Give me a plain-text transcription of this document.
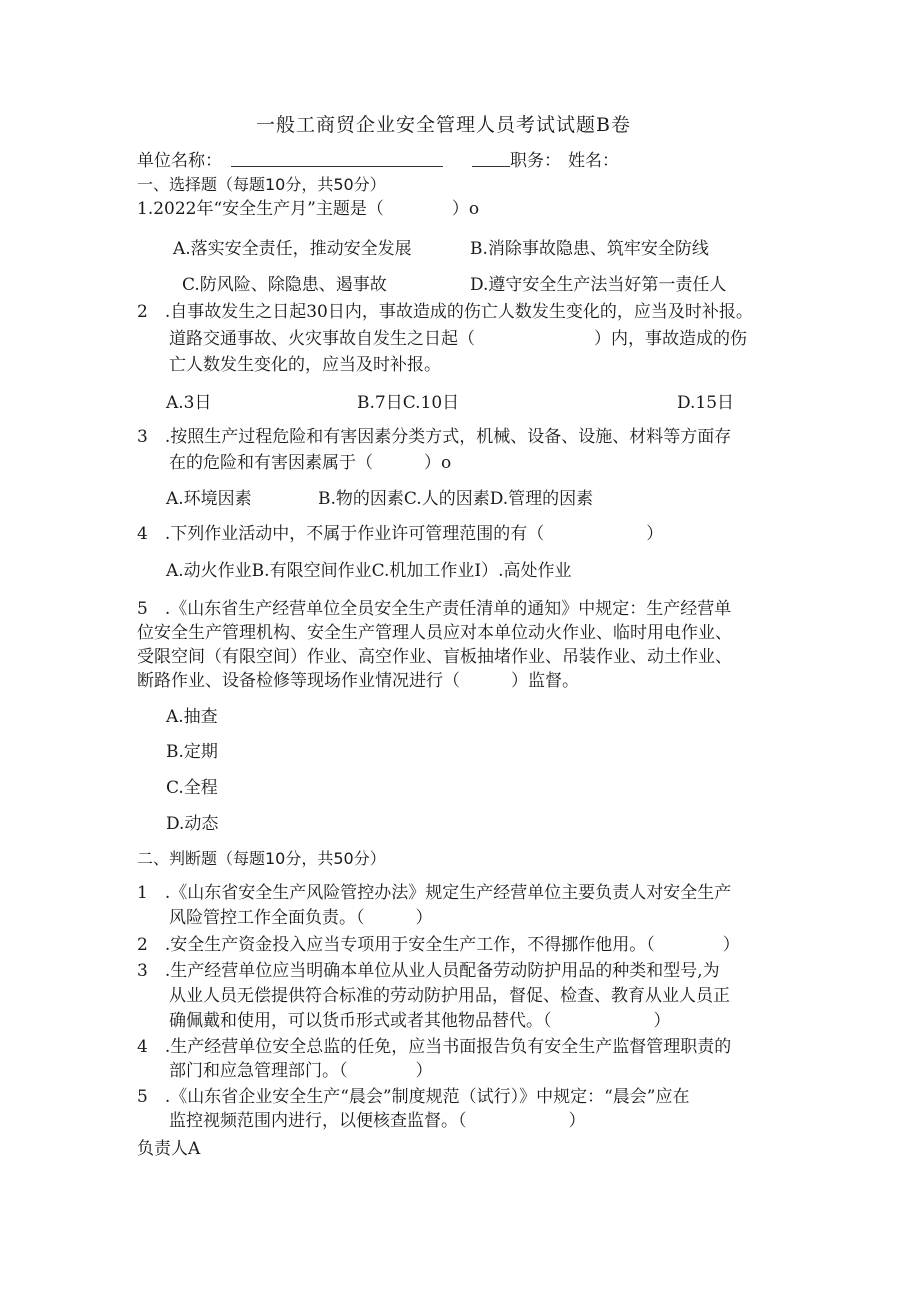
一般工商贸企业安全管理人员考试试题B卷
单位名称：	职务： 姓名：
一、选择题（每题10分，共50分）
1.2022年“安全生产月”主题是（　　　　）o
A.落实安全责任，推动安全发展	B.消除事故隐患、筑牢安全防线
C.防风险、除隐患、遏事故	D.遵守安全生产法当好第一责任人
2　.自事故发生之日起30日内，事故造成的伤亡人数发生变化的，应当及时补报。
道路交通事故、火灾事故自发生之日起（　　　　　　　）内，事故造成的伤
亡人数发生变化的，应当及时补报。
A.3日	B.7日C.10日	D.15日
3　.按照生产过程危险和有害因素分类方式，机械、设备、设施、材料等方面存
在的危险和有害因素属于（　　　）o
A.环境因素	B.物的因素C.人的因素D.管理的因素
4　.下列作业活动中，不属于作业许可管理范围的有（　　　　　　）
A.动火作业B.有限空间作业C.机加工作业I）.高处作业
5　.《山东省生产经营单位全员安全生产责任清单的通知》中规定：生产经营单
位安全生产管理机构、安全生产管理人员应对本单位动火作业、临时用电作业、
受限空间（有限空间）作业、高空作业、盲板抽堵作业、吊装作业、动土作业、
断路作业、设备检修等现场作业情况进行（　　　）监督。
A.抽查
B.定期
C.全程
D.动态
二、判断题（每题10分，共50分）
1　.《山东省安全生产风险管控办法》规定生产经营单位主要负责人对安全生产
风险管控工作全面负责。（　　　）
2　.安全生产资金投入应当专项用于安全生产工作，不得挪作他用。（　　　　）
3　.生产经营单位应当明确本单位从业人员配备劳动防护用品的种类和型号,为
从业人员无偿提供符合标准的劳动防护用品，督促、检查、教育从业人员正
确佩戴和使用，可以货币形式或者其他物品替代。（　　　　　　）
4　.生产经营单位安全总监的任免，应当书面报告负有安全生产监督管理职责的
部门和应急管理部门。（　　　　）
5　.《山东省企业安全生产“晨会”制度规范（试行）》中规定：“晨会”应在
监控视频范围内进行，以便核查监督。（　　　　　　）
负责人A
